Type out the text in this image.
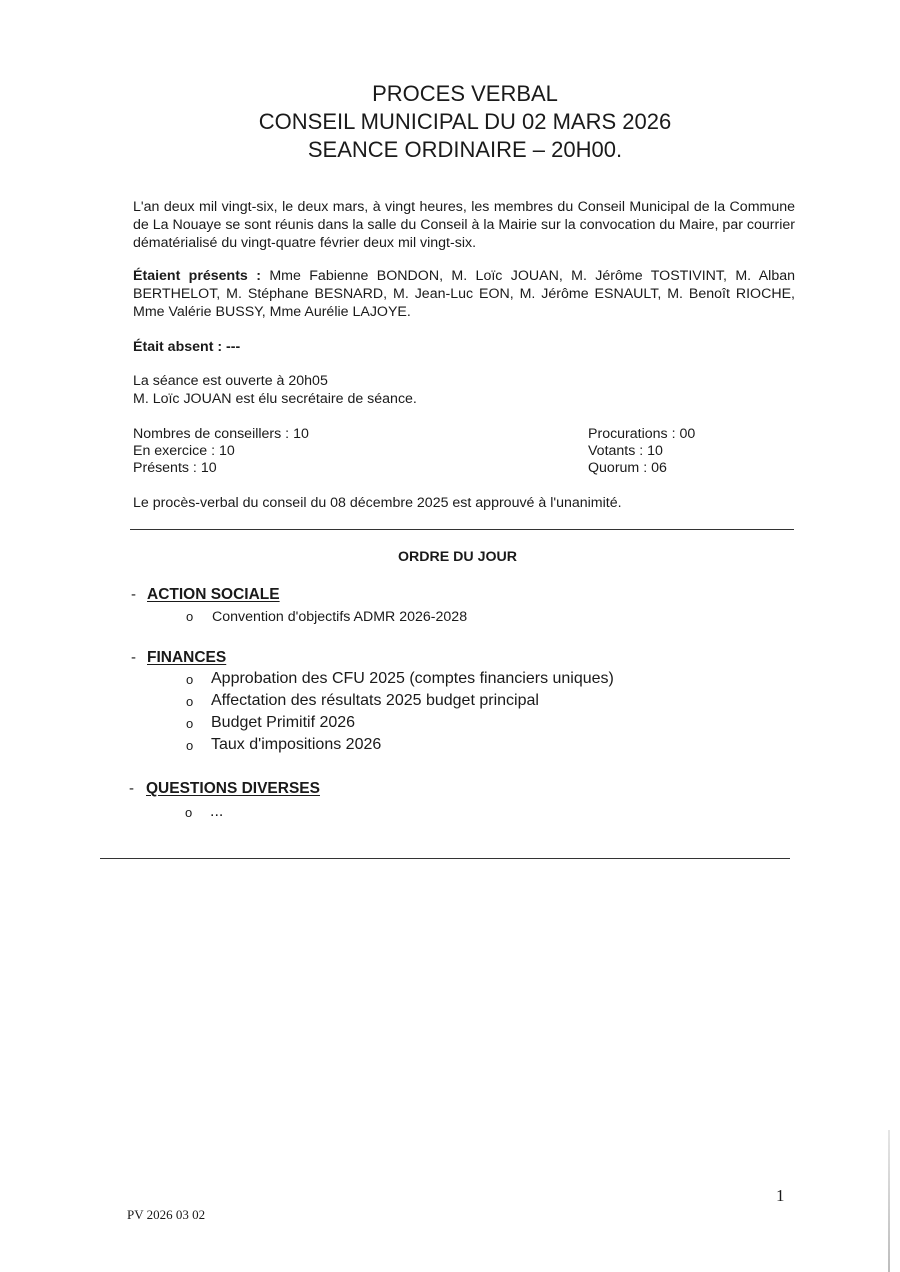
PROCES VERBAL
CONSEIL MUNICIPAL DU 02 MARS 2026
SEANCE ORDINAIRE – 20H00.
L'an deux mil vingt-six, le deux mars, à vingt heures, les membres du Conseil Municipal de la Commune de La Nouaye se sont réunis dans la salle du Conseil à la Mairie sur la convocation du Maire, par courrier dématérialisé du vingt-quatre février deux mil vingt-six.
Étaient présents : Mme Fabienne BONDON, M. Loïc JOUAN, M. Jérôme TOSTIVINT, M. Alban BERTHELOT, M. Stéphane BESNARD, M. Jean-Luc EON, M. Jérôme ESNAULT, M. Benoît RIOCHE, Mme Valérie BUSSY, Mme Aurélie LAJOYE.
Était absent : ---
La séance est ouverte à 20h05
M. Loïc JOUAN est élu secrétaire de séance.
Nombres de conseillers : 10
En exercice : 10
Présents : 10
Procurations : 00
Votants : 10
Quorum : 06
Le procès-verbal du conseil du 08 décembre 2025 est approuvé à l'unanimité.
ORDRE DU JOUR
- ACTION SOCIALE
o Convention d'objectifs ADMR 2026-2028
- FINANCES
o Approbation des CFU 2025 (comptes financiers uniques)
o Affectation des résultats 2025 budget principal
o Budget Primitif 2026
o Taux d'impositions 2026
- QUESTIONS DIVERSES
o ...
1
PV 2026 03 02
